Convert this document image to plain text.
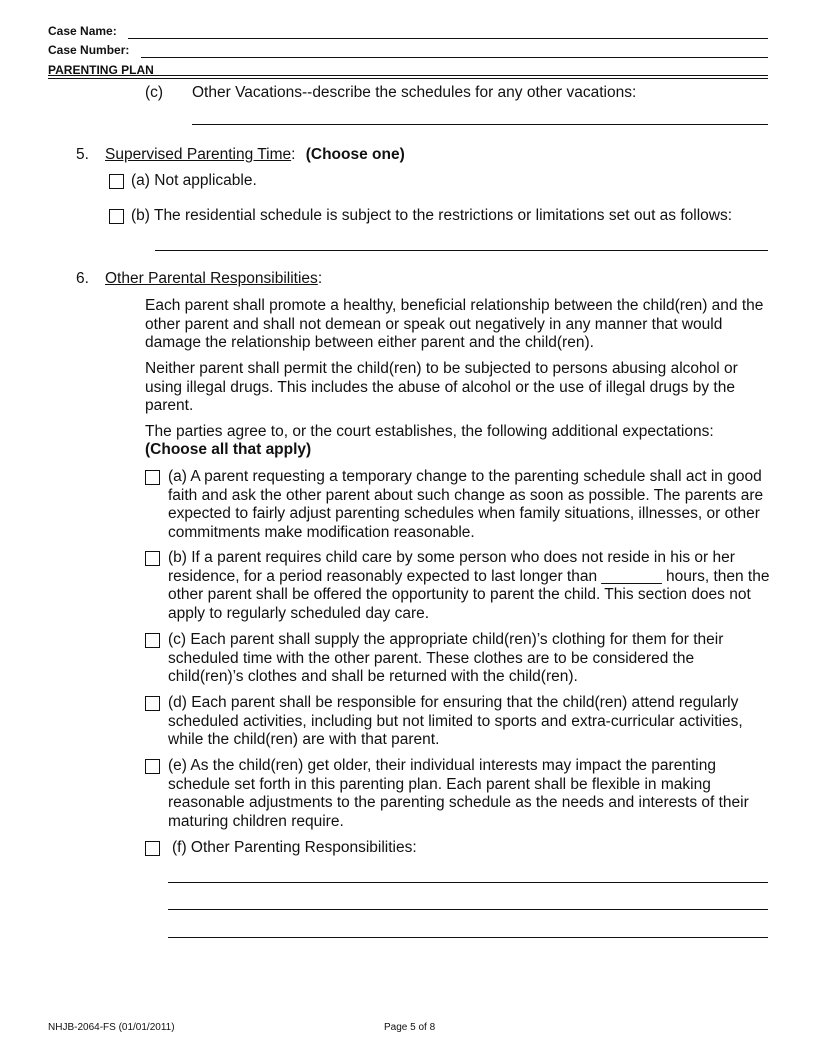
Case Name:
Case Number:
PARENTING PLAN
(c) Other Vacations--describe the schedules for any other vacations:
5. Supervised Parenting Time: (Choose one)
(a) Not applicable.
(b) The residential schedule is subject to the restrictions or limitations set out as follows:
6. Other Parental Responsibilities:
Each parent shall promote a healthy, beneficial relationship between the child(ren) and the other parent and shall not demean or speak out negatively in any manner that would damage the relationship between either parent and the child(ren).
Neither parent shall permit the child(ren) to be subjected to persons abusing alcohol or using illegal drugs. This includes the abuse of alcohol or the use of illegal drugs by the parent.
The parties agree to, or the court establishes, the following additional expectations:
(Choose all that apply)
(a) A parent requesting a temporary change to the parenting schedule shall act in good faith and ask the other parent about such change as soon as possible. The parents are expected to fairly adjust parenting schedules when family situations, illnesses, or other commitments make modification reasonable.
(b) If a parent requires child care by some person who does not reside in his or her residence, for a period reasonably expected to last longer than _______ hours, then the other parent shall be offered the opportunity to parent the child. This section does not apply to regularly scheduled day care.
(c) Each parent shall supply the appropriate child(ren)’s clothing for them for their scheduled time with the other parent. These clothes are to be considered the child(ren)’s clothes and shall be returned with the child(ren).
(d) Each parent shall be responsible for ensuring that the child(ren) attend regularly scheduled activities, including but not limited to sports and extra-curricular activities, while the child(ren) are with that parent.
(e) As the child(ren) get older, their individual interests may impact the parenting schedule set forth in this parenting plan. Each parent shall be flexible in making reasonable adjustments to the parenting schedule as the needs and interests of their maturing children require.
(f) Other Parenting Responsibilities:
NHJB-2064-FS (01/01/2011)	Page 5 of 8
